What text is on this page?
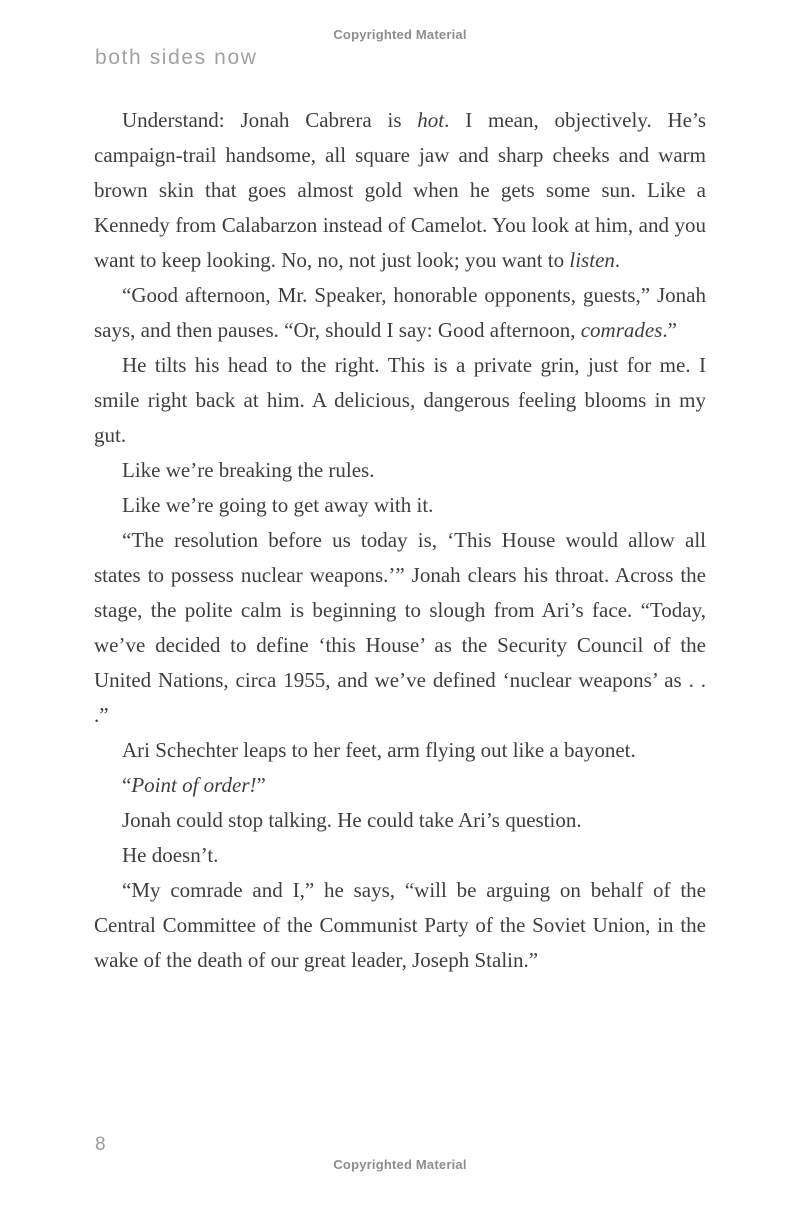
Copyrighted Material
both sides now

Understand: Jonah Cabrera is hot. I mean, objectively. He’s campaign-trail handsome, all square jaw and sharp cheeks and warm brown skin that goes almost gold when he gets some sun. Like a Kennedy from Calabarzon instead of Camelot. You look at him, and you want to keep looking. No, no, not just look; you want to listen.

“Good afternoon, Mr. Speaker, honorable opponents, guests,” Jonah says, and then pauses. “Or, should I say: Good afternoon, comrades.”

He tilts his head to the right. This is a private grin, just for me. I smile right back at him. A delicious, dangerous feeling blooms in my gut.

Like we’re breaking the rules.

Like we’re going to get away with it.

“The resolution before us today is, ‘This House would allow all states to possess nuclear weapons.’” Jonah clears his throat. Across the stage, the polite calm is beginning to slough from Ari’s face. “Today, we’ve decided to define ‘this House’ as the Security Council of the United Nations, circa 1955, and we’ve defined ‘nuclear weapons’ as . . .”

Ari Schechter leaps to her feet, arm flying out like a bayonet.

“Point of order!”

Jonah could stop talking. He could take Ari’s question.

He doesn’t.

“My comrade and I,” he says, “will be arguing on behalf of the Central Committee of the Communist Party of the Soviet Union, in the wake of the death of our great leader, Joseph Stalin.”

8
Copyrighted Material
